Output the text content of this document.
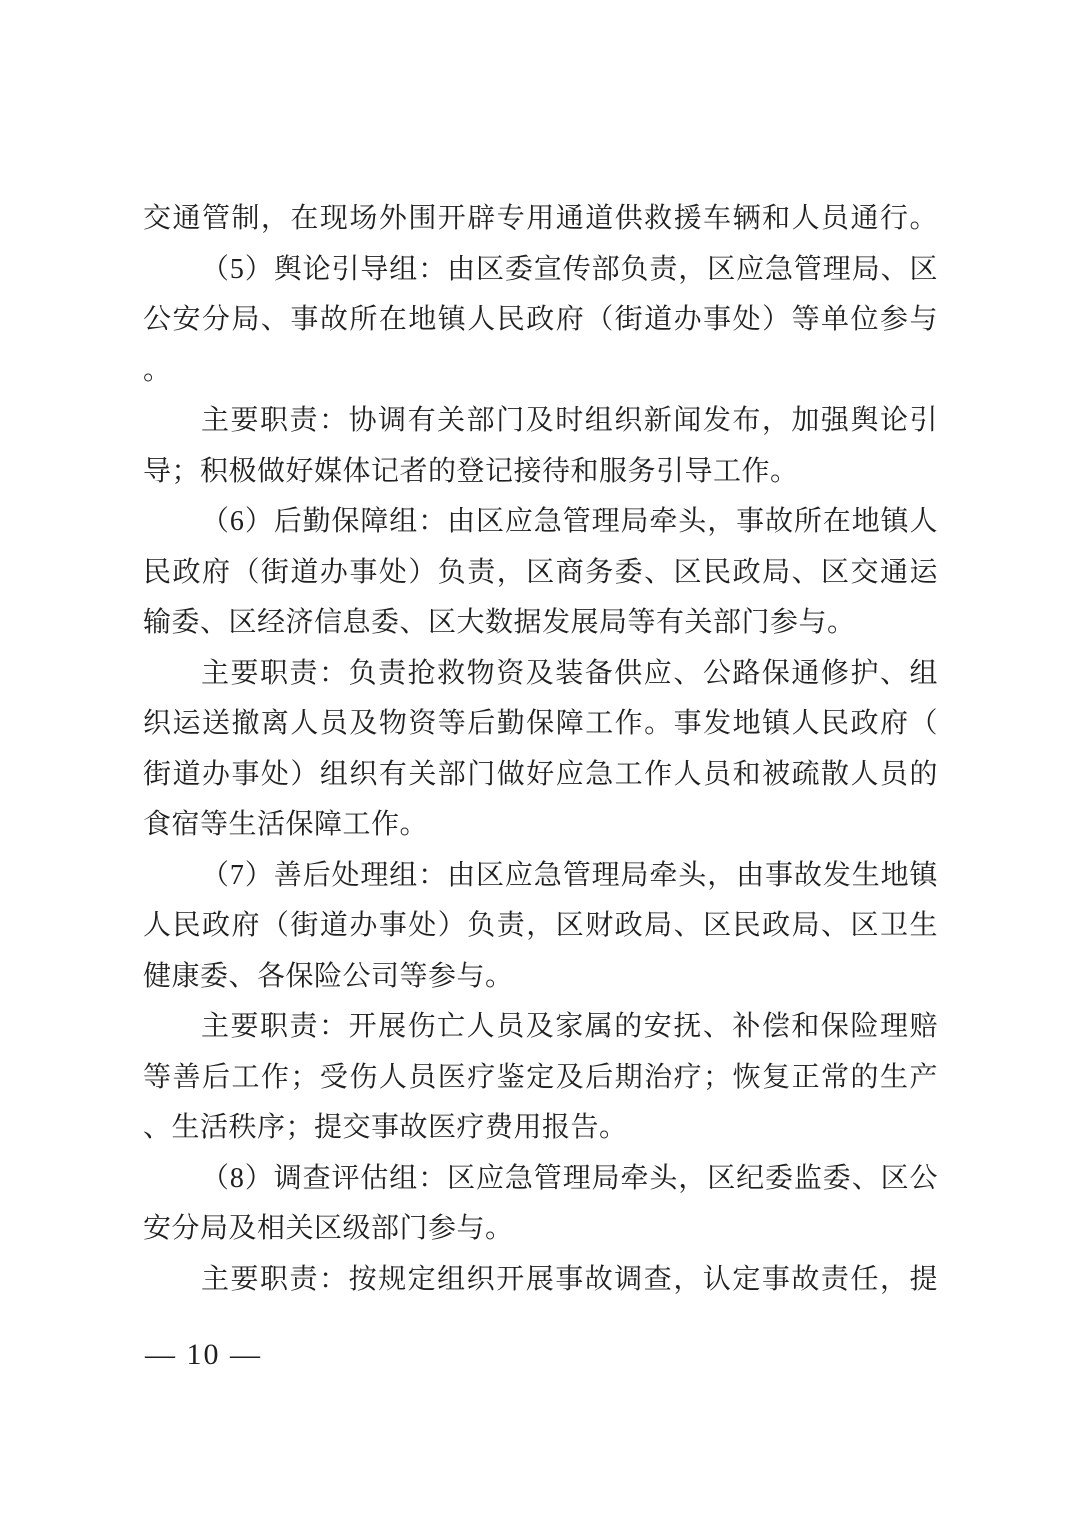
交通管制，在现场外围开辟专用通道供救援车辆和人员通行。
（5）舆论引导组：由区委宣传部负责，区应急管理局、区
公安分局、事故所在地镇人民政府（街道办事处）等单位参与
。
主要职责：协调有关部门及时组织新闻发布，加强舆论引
导；积极做好媒体记者的登记接待和服务引导工作。
（6）后勤保障组：由区应急管理局牵头，事故所在地镇人
民政府（街道办事处）负责，区商务委、区民政局、区交通运
输委、区经济信息委、区大数据发展局等有关部门参与。
主要职责：负责抢救物资及装备供应、公路保通修护、组
织运送撤离人员及物资等后勤保障工作。事发地镇人民政府（
街道办事处）组织有关部门做好应急工作人员和被疏散人员的
食宿等生活保障工作。
（7）善后处理组：由区应急管理局牵头，由事故发生地镇
人民政府（街道办事处）负责，区财政局、区民政局、区卫生
健康委、各保险公司等参与。
主要职责：开展伤亡人员及家属的安抚、补偿和保险理赔
等善后工作；受伤人员医疗鉴定及后期治疗；恢复正常的生产
、生活秩序；提交事故医疗费用报告。
（8）调查评估组：区应急管理局牵头，区纪委监委、区公
安分局及相关区级部门参与。
主要职责：按规定组织开展事故调查，认定事故责任，提
— 10 —
